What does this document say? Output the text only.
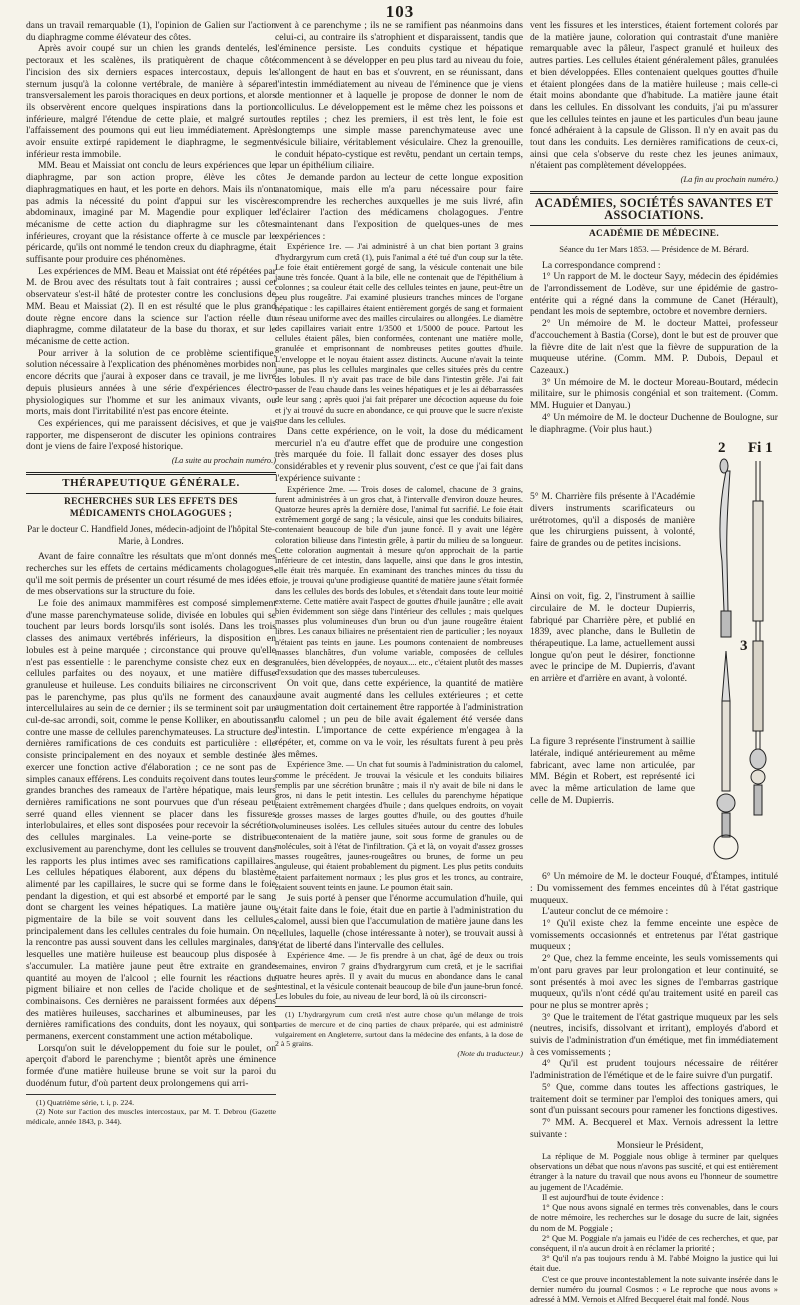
103

dans un travail remarquable (1), l'opinion de Galien sur l'action du diaphragme comme élévateur des côtes.

Après avoir coupé sur un chien les grands dentelés, les pectoraux et les scalènes, ils pratiquèrent de chaque côté l'incision des six derniers espaces intercostaux, depuis le sternum jusqu'à la colonne vertébrale, de manière à séparer transversalement les parois thoraciques en deux portions, et alors ils observèrent encore quelques inspirations dans la portion inférieure, malgré l'étendue de cette plaie, et malgré surtout l'affaissement des poumons qui eut lieu immédiatement. Après avoir ensuite extirpé rapidement le diaphragme, le segment inférieur resta immobile.

MM. Beau et Maissiat ont conclu de leurs expériences que le diaphragme, par son action propre, élève les côtes diaphragmatiques en haut, et les porte en dehors. Mais ils n'ont pas admis la nécessité du point d'appui sur les viscères abdominaux, imaginé par M. Magendie pour expliquer le mécanisme de cette action du diaphragme sur les côtes inférieures, croyant que la résistance offerte à ce muscle par le péricarde, qu'ils ont nommé le tendon creux du diaphragme, était suffisante pour produire ces phénomènes.

Les expériences de MM. Beau et Maissiat ont été répétées par M. de Brou avec des résultats tout à fait contraires ; aussi cet observateur s'est-il hâté de protester contre les conclusions de MM. Beau et Maissiat (2). Il en est résulté que le plus grand doute règne encore dans la science sur l'action réelle du diaphragme, comme dilatateur de la base du thorax, et sur le mécanisme de cette action.

Pour arriver à la solution de ce problème scientifique, solution nécessaire à l'explication des phénomènes morbides non encore décrits que j'aurai à exposer dans ce travail, je me livre depuis plusieurs années à une série d'expériences électro-physiologiques sur l'homme et sur les animaux vivants, ou morts, mais dont l'irritabilité n'est pas encore éteinte.

Ces expériences, qui me paraissent décisives, et que je vais rapporter, me dispenseront de discuter les opinions contraires dont je viens de faire l'exposé historique.

(La suite au prochain numéro.)
THÉRAPEUTIQUE GÉNÉRALE.
RECHERCHES SUR LES EFFETS DES MÉDICAMENTS CHOLAGOGUES ;
Par le docteur C. Handfield Jones, médecin-adjoint de l'hôpital Ste-Marie, à Londres.

Avant de faire connaître les résultats que m'ont donnés mes recherches sur les effets de certains médicaments cholagogues, qu'il me soit permis de présenter un court résumé de mes idées et de mes observations sur la structure du foie.

Le foie des animaux mammifères est composé simplement d'une masse parenchymateuse solide, divisée en lobules qui se touchent par leurs bords lorsqu'ils sont isolés. Dans les trois classes des animaux vertébrés inférieurs, la disposition en lobules est à peine marquée ; circonstance qui prouve qu'elle n'est pas essentielle : le parenchyme consiste chez eux en des cellules parfaites ou des noyaux, et une matière diffuse granuleuse et huileuse. Les conduits biliaires ne circonscrivent pas le parenchyme, pas plus qu'ils ne forment des canaux intercellulaires au sein de ce dernier ; ils se terminent soit par un cul-de-sac arrondi, soit, comme le pense Kolliker, en aboutissant contre une masse de cellules parenchymateuses. La structure des dernières ramifications de ces conduits est particulière : elle consiste principalement en des noyaux et semble destinée à exercer une fonction active d'élaboration ; ce ne sont pas de simples canaux efférens. Les conduits reçoivent dans toutes leurs grandes branches des rameaux de l'artère hépatique, mais leurs dernières ramifications ne sont pourvues que d'un réseau peu serré quand elles viennent se placer dans les fissures interlobulaires, et elles sont disposées pour recevoir la sécrétion des cellules marginales. La veine-porte se distribue exclusivement au parenchyme, dont les cellules se trouvent dans les rapports les plus intimes avec ses ramifications capillaires. Les cellules hépatiques élaborent, aux dépens du blastème alimenté par les capillaires, le sucre qui se forme dans le foie pendant la digestion, et qui est absorbé et emporté par le sang dont se chargent les veines hépatiques. La matière jaune ou pigmentaire de la bile se voit souvent dans les cellules, principalement dans les cellules centrales du foie humain. On ne la rencontre pas aussi souvent dans les cellules marginales, dans lesquelles une matière huileuse est beaucoup plus disposée à s'accumuler. La matière jaune peut être extraite en grande quantité au moyen de l'alcool ; elle fournit les réactions du pigment biliaire et non celles de l'acide cholique et de ses combinaisons. Ces dernières ne paraissent formées aux dépens des matières huileuses, saccharines et albumineuses, par les dernières ramifications des conduits, dont les noyaux, qui sont permanens, exercent constamment une action métabolique.

Lorsqu'on suit le développement du foie sur le poulet, on aperçoit d'abord le parenchyme ; bientôt après une éminence formée d'une matière huileuse brune se voit sur la paroi du duodénum futur, d'où partent deux prolongemens qui arri-

(1) Quatrième série, t. i, p. 224.
(2) Note sur l'action des muscles intercostaux, par M. T. Debrou (Gazette médicale, année 1843, p. 344).

vent à ce parenchyme ; ils ne se ramifient pas néanmoins dans celui-ci, au contraire ils s'atrophient et disparaissent, tandis que l'éminence persiste. Les conduits cystique et hépatique commencent à se développer en peu plus tard au niveau du foie, s'allongent de haut en bas et s'ouvrent, en se réunissant, dans l'intestin immédiatement au niveau de l'éminence que je viens de mentionner et à laquelle je propose de donner le nom de colliculus. Le développement est le même chez les poissons et les reptiles ; chez les premiers, il est très lent, le foie est longtemps une simple masse parenchymateuse avec une vésicule biliaire, véritablement vésiculaire. Chez la grenouille, le conduit hépato-cystique est revêtu, pendant un certain temps, par un épithélium ciliaire.

Je demande pardon au lecteur de cette longue exposition anatomique, mais elle m'a paru nécessaire pour faire comprendre les recherches auxquelles je me suis livré, afin d'éclairer l'action des médicamens cholagogues. J'entre maintenant dans l'exposition de quelques-unes de mes expériences :

Expérience 1re. — J'ai administré à un chat bien portant 3 grains d'hydrargyrum cum cretâ (1), puis l'animal a été tué d'un coup sur la tête. Le foie était entièrement gorgé de sang, la vésicule contenait une bile jaune très foncée. Quant à la bile, elle ne contenait que de l'épithélium à colonnes ; sa couleur était celle des cellules teintes en jaune, peut-être un peu plus rougeâtre. J'ai examiné plusieurs tranches minces de l'organe hépatique : les capillaires étaient entièrement gorgés de sang et formaient un réseau uniforme avec des mailles circulaires ou allongées. Le diamètre des capillaires variait entre 1/3500 et 1/5000 de pouce. Partout les cellules étaient pâles, bien conformées, contenant une matière molle, granulée et emprisonnant de nombreuses petites gouttes d'huile. L'enveloppe et le noyau étaient assez distincts. Aucune n'avait la teinte jaune, pas plus les cellules marginales que celles situées près du centre des lobules. Il n'y avait pas trace de bile dans l'intestin grêle. J'ai fait passer de l'eau chaude dans les veines hépatiques et je les ai débarrassées de leur sang ; après quoi j'ai fait préparer une décoction aqueuse du foie et j'y ai trouvé du sucre en abondance, ce qui prouve que le sucre n'existe que dans les cellules.

Dans cette expérience, on le voit, la dose du médicament mercuriel n'a eu d'autre effet que de produire une congestion très marquée du foie. Il fallait donc essayer des doses plus considérables et y revenir plus souvent, c'est ce que j'ai fait dans l'expérience suivante :

Expérience 2me. — Trois doses de calomel, chacune de 3 grains, furent administrées à un gros chat, à l'intervalle d'environ douze heures. Quatorze heures après la dernière dose, l'animal fut sacrifié. Le foie était extrêmement gorgé de sang ; la vésicule, ainsi que les conduits biliaires, contenaient beaucoup de bile d'un jaune foncé. Il y avait une légère coloration bilieuse dans l'intestin grêle, à partir du milieu de sa longueur. Cette coloration augmentait à mesure qu'on approchait de la partie inférieure de cet intestin, dans laquelle, ainsi que dans le gros intestin, elle était très marquée. En examinant des tranches minces du tissu du foie, je trouvai qu'une prodigieuse quantité de matière jaune s'était formée dans les cellules des bords des lobules, et s'étendait dans toute leur moitié externe. Cette matière avait l'aspect de gouttes d'huile jaunâtre ; elle avait bien évidemment son siège dans l'intérieur des cellules ; mais quelques masses plus volumineuses d'un brun ou d'un jaune rougeâtre étaient libres. Les canaux biliaires ne présentaient rien de particulier ; les noyaux n'étaient pas teints en jaune. Les poumons contenaient de nombreuses masses blanchâtres, d'un volume variable, composées de cellules granulées, bien développées, de noyaux.... etc., c'étaient plutôt des masses d'exsudation que des masses tuberculeuses.

On voit que, dans cette expérience, la quantité de matière jaune avait augmenté dans les cellules extérieures ; et cette augmentation doit certainement être rapportée à l'administration du calomel ; un peu de bile avait également été versée dans l'intestin. L'importance de cette expérience m'engagea à la répéter, et, comme on va le voir, les résultats furent à peu près les mêmes.

Expérience 3me. — Un chat fut soumis à l'administration du calomel, comme le précédent. Je trouvai la vésicule et les conduits biliaires remplis par une sécrétion brunâtre ; mais il n'y avait de bile ni dans le gros, ni dans le petit intestin. Les cellules du parenchyme hépatique étaient extrêmement chargées d'huile ; dans quelques endroits, on voyait de grosses masses de larges gouttes d'huile, ou des gouttes d'huile volumineuses isolées. Les cellules situées autour du centre des lobules contenaient de la matière jaune, soit sous forme de granules ou de molécules, soit à l'état de l'infiltration. Çà et là, on voyait d'assez grosses masses rougeâtres, jaunes-rougeâtres ou brunes, de forme un peu anguleuse, qui étaient probablement du pigment. Les plus petits conduits étaient parfaitement normaux ; les plus gros et les troncs, au contraire, étaient souvent teints en jaune. Le poumon était sain.

Je suis porté à penser que l'énorme accumulation d'huile, qui s'était faite dans le foie, était due en partie à l'administration du calomel, aussi bien que l'accumulation de matière jaune dans les cellules, laquelle (chose intéressante à noter), se trouvait aussi à l'état de liberté dans l'intervalle des cellules.

Expérience 4me. — Je fis prendre à un chat, âgé de deux ou trois semaines, environ 7 grains d'hydrargyrum cum cretâ, et je le sacrifiai quatre heures après. Il y avait du mucus en abondance dans le canal intestinal, et la vésicule contenait beaucoup de bile d'un jaune-brun foncé. Les lobules du foie, au niveau de leur bord, là où ils circonscri-

(1) L'hydrargyrum cum cretâ n'est autre chose qu'un mélange de trois parties de mercure et de cinq parties de chaux préparée, qui est administré vulgairement en Angleterre, surtout dans la médecine des enfants, à la dose de 2 à 5 grains.
(Note du traducteur.)

vent les fissures et les interstices, étaient fortement colorés par de la matière jaune, coloration qui contrastait d'une manière remarquable avec la pâleur, l'aspect granulé et huileux des autres parties. Les cellules étaient généralement pâles, granulées et bien développées. Elles contenaient quelques gouttes d'huile et étaient plongées dans de la matière huileuse ; mais celle-ci était moins abondante que d'habitude. La matière jaune était dans les cellules. En dissolvant les conduits, j'ai pu m'assurer que les cellules teintes en jaune et les particules d'un beau jaune foncé adhéraient à la capsule de Glisson. Il n'y en avait pas du tout dans les conduits. Les dernières ramifications de ceux-ci, ainsi que cela s'observe du reste chez les jeunes animaux, n'étaient pas complètement développées.

(La fin au prochain numéro.)
ACADÉMIES, SOCIÉTÉS SAVANTES ET ASSOCIATIONS.
ACADÉMIE DE MÉDECINE.
Séance du 1er Mars 1853. — Présidence de M. Bérard.

La correspondance comprend :

1° Un rapport de M. le docteur Sayy, médecin des épidémies de l'arrondissement de Lodève, sur une épidémie de gastro-entérite qui a régné dans la commune de Canet (Hérault), pendant les mois de septembre, octobre et novembre derniers.

2° Un mémoire de M. le docteur Mattei, professeur d'accouchement à Bastia (Corse), dont le but est de prouver que la fièvre dite de lait n'est que la fièvre de suppuration de la muqueuse utérine. (Comm. MM. P. Dubois, Depaul et Cazeaux.)

3° Un mémoire de M. le docteur Moreau-Boutard, médecin militaire, sur le phimosis congénial et son traitement. (Comm. MM. Huguier et Danyau.)

4° Un mémoire de M. le docteur Duchenne de Boulogne, sur le diaphragme. (Voir plus haut.)

2 Fi 1
3
5° M. Charrière fils présente à l'Académie divers instruments scarificateurs ou urétrotomes, qu'il a disposés de manière que les chirurgiens puissent, à volonté, faire de grandes ou de petites incisions.
Ainsi on voit, fig. 2, l'instrument à saillie circulaire de M. le docteur Dupierris, fabriqué par Charrière père, et publié en 1839, avec planche, dans le Bulletin de thérapeutique. La lame, actuellement aussi longue qu'on peut le désirer, fonctionne avec le principe de M. Dupierris, d'avant en arrière et d'arrière en avant, à volonté.
La figure 3 représente l'instrument à saillie latérale, indiqué antérieurement au même fabricant, avec lame non articulée, par MM. Bégin et Robert, est représenté ici avec la même articulation de lame que celle de M. Dupierris.

6° Un mémoire de M. le docteur Fouqué, d'Étampes, intitulé : Du vomissement des femmes enceintes dû à l'état gastrique muqueux.

L'auteur conclut de ce mémoire :

1° Qu'il existe chez la femme enceinte une espèce de vomissements occasionnés et entretenus par l'état gastrique muqueux ;

2° Que, chez la femme enceinte, les seuls vomissements qui m'ont paru graves par leur prolongation et leur continuité, se sont présentés à moi avec les signes de l'embarras gastrique muqueux, qu'ils n'ont cédé qu'au traitement usité en pareil cas pour ne plus se montrer après ;

3° Que le traitement de l'état gastrique muqueux par les sels (neutres, incisifs, dissolvant et irritant), employés d'abord et suivis de l'administration d'un émétique, met fin immédiatement à ces vomissements ;

4° Qu'il est prudent toujours nécessaire de réitérer l'administration de l'émétique et de le faire suivre d'un purgatif.

5° Que, comme dans toutes les affections gastriques, le traitement doit se terminer par l'emploi des toniques amers, qui sont d'un puissant secours pour ramener les fonctions digestives.

7° MM. A. Becquerel et Max. Vernois adressent la lettre suivante :

Monsieur le Président,

La réplique de M. Poggiale nous oblige à terminer par quelques observations un débat que nous n'avons pas suscité, et qui est entièrement étranger à la nature du travail que nous avons eu l'honneur de soumettre au jugement de l'Académie.

Il est aujourd'hui de toute évidence :

1° Que nous avons signalé en termes très convenables, dans le cours de notre mémoire, les recherches sur le dosage du sucre de lait, signées du nom de M. Poggiale ;

2° Que M. Poggiale n'a jamais eu l'idée de ces recherches, et que, par conséquent, il n'a aucun droit à en réclamer la priorité ;

3° Qu'il n'a pas toujours rendu à M. l'abbé Moigno la justice qui lui était due.

C'est ce que prouve incontestablement la note suivante insérée dans le dernier numéro du journal Cosmos : « Le reproche que nous avons » adressé à MM. Vernois et Alfred Becquerel était mal fondé. Nous
